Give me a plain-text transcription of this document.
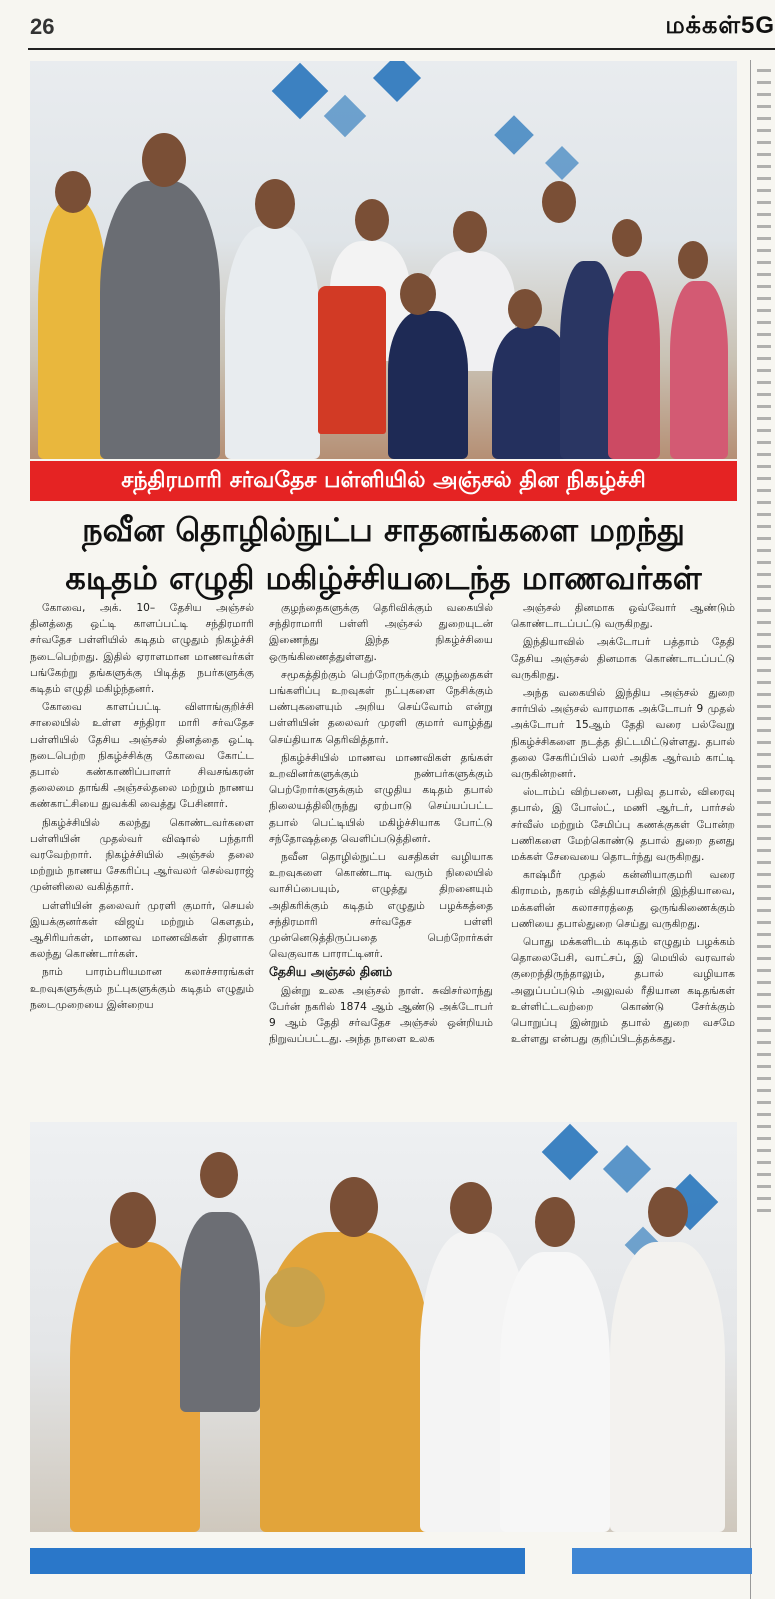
26	மக்கள்5G
சந்திரமாரி சர்வதேச பள்ளியில் அஞ்சல் தின நிகழ்ச்சி
நவீன தொழில்நுட்ப சாதனங்களை மறந்து
கடிதம் எழுதி மகிழ்ச்சியடைந்த மாணவர்கள்

கோவை, அக். 10– தேசிய அஞ்சல் தினத்தை ஒட்டி காளப்பட்டி சந்திரமாரி சர்வதேச பள்ளியில் கடிதம் எழுதும் நிகழ்ச்சி நடைபெற்றது. இதில் ஏராளமான மாணவர்கள் பங்கேற்று தங்களுக்கு பிடித்த நபர்களுக்கு கடிதம் எழுதி மகிழ்ந்தனர்.

கோவை காளப்பட்டி விளாங்குறிச்சி சாலையில் உள்ள சந்திரா மாரி சர்வதேச பள்ளியில் தேசிய அஞ்சல் தினத்தை ஒட்டி நடைபெற்ற நிகழ்ச்சிக்கு கோவை கோட்ட தபால் கண்காணிப்பாளர் சிவசங்கரன் தலைமை தாங்கி அஞ்சல்தலை மற்றும் நாணய கண்காட்சியை துவக்கி வைத்து பேசினார்.

நிகழ்ச்சியில் கலந்து கொண்டவர்களை பள்ளியின் முதல்வர் விஷால் பந்தாரி வரவேற்றார். நிகழ்ச்சியில் அஞ்சல் தலை மற்றும் நாணய சேகரிப்பு ஆர்வலர் செல்வராஜ் முன்னிலை வகித்தார்.

பள்ளியின் தலைவர் முரளி குமார், செயல் இயக்குனர்கள் விஜய் மற்றும் கௌதம், ஆசிரியர்கள், மாணவ மாணவிகள் திரளாக கலந்து கொண்டார்கள்.

நாம் பாரம்பரியமான கலாச்சாரங்கள் உறவுகளுக்கும் நட்புகளுக்கும் கடிதம் எழுதும் நடைமுறையை இன்றைய

குழந்தைகளுக்கு தெரிவிக்கும் வகையில் சந்திராமாரி பள்ளி அஞ்சல் துறையுடன் இணைந்து இந்த நிகழ்ச்சியை ஒருங்கிணைத்துள்ளது.

சமூகத்திற்கும் பெற்றோருக்கும் குழந்தைகள் பங்களிப்பு உறவுகள் நட்புகளை நேசிக்கும் பண்புகளையும் அறிய செய்வோம் என்று பள்ளியின் தலைவர் முரளி குமார் வாழ்த்து செய்தியாக தெரிவித்தார்.

நிகழ்ச்சியில் மாணவ மாணவிகள் தங்கள் உறவினர்களுக்கும் நண்பர்களுக்கும் பெற்றோர்களுக்கும் எழுதிய கடிதம் தபால் நிலையத்திலிருந்து ஏற்பாடு செய்யப்பட்ட தபால் பெட்டியில் மகிழ்ச்சியாக போட்டு சந்தோஷத்தை வெளிப்படுத்தினர்.

நவீன தொழில்நுட்ப வசதிகள் வழியாக உறவுகளை கொண்டாடி வரும் நிலையில் வாசிப்பையும், எழுத்து திறனையும் அதிகரிக்கும் கடிதம் எழுதும் பழக்கத்தை சந்திரமாரி சர்வதேச பள்ளி முன்னெடுத்திருப்பதை பெற்றோர்கள் வெகுவாக பாராட்டினர்.

தேசிய அஞ்சல் தினம்

இன்று உலக அஞ்சல் நாள். சுவிசர்லாந்து பேர்ன் நகரில் 1874 ஆம் ஆண்டு அக்டோபர் 9 ஆம் தேதி சர்வதேச அஞ்சல் ஒன்றியம் நிறுவப்பட்டது. அந்த நாளை உலக

அஞ்சல் தினமாக ஒவ்வோர் ஆண்டும் கொண்டாடப்பட்டு வருகிறது.

இந்தியாவில் அக்டோபர் பத்தாம் தேதி தேசிய அஞ்சல் தினமாக கொண்டாடப்பட்டு வருகிறது.

அந்த வகையில் இந்திய அஞ்சல் துறை சார்பில் அஞ்சல் வாரமாக அக்டோபர் 9 முதல் அக்டோபர் 15ஆம் தேதி வரை பல்வேறு நிகழ்ச்சிகளை நடத்த திட்டமிட்டுள்ளது. தபால் தலை சேகரிப்பில் பலர் அதிக ஆர்வம் காட்டி வருகின்றனர்.

ஸ்டாம்ப் விற்பனை, பதிவு தபால், விரைவு தபால், இ போஸ்ட், மணி ஆர்டர், பார்சல் சர்வீஸ் மற்றும் சேமிப்பு கணக்குகள் போன்ற பணிகளை மேற்கொண்டு தபால் துறை தனது மக்கள் சேவையை தொடர்ந்து வருகிறது.

காஷ்மீர் முதல் கன்னியாகுமரி வரை கிராமம், நகரம் வித்தியாசமின்றி இந்தியாவை, மக்களின் கலாசாரத்தை ஒருங்கிணைக்கும் பணியை தபால்துறை செய்து வருகிறது.

பொது மக்களிடம் கடிதம் எழுதும் பழக்கம் தொலைபேசி, வாட்சப், இ மெயில் வரவால் குறைந்திருந்தாலும், தபால் வழியாக அனுப்பப்படும் அலுவல் ரீதியான கடிதங்கள் உள்ளிட்டவற்றை கொண்டு சேர்க்கும் பொறுப்பு இன்றும் தபால் துறை வசமே உள்ளது என்பது குறிப்பிடத்தக்கது.
